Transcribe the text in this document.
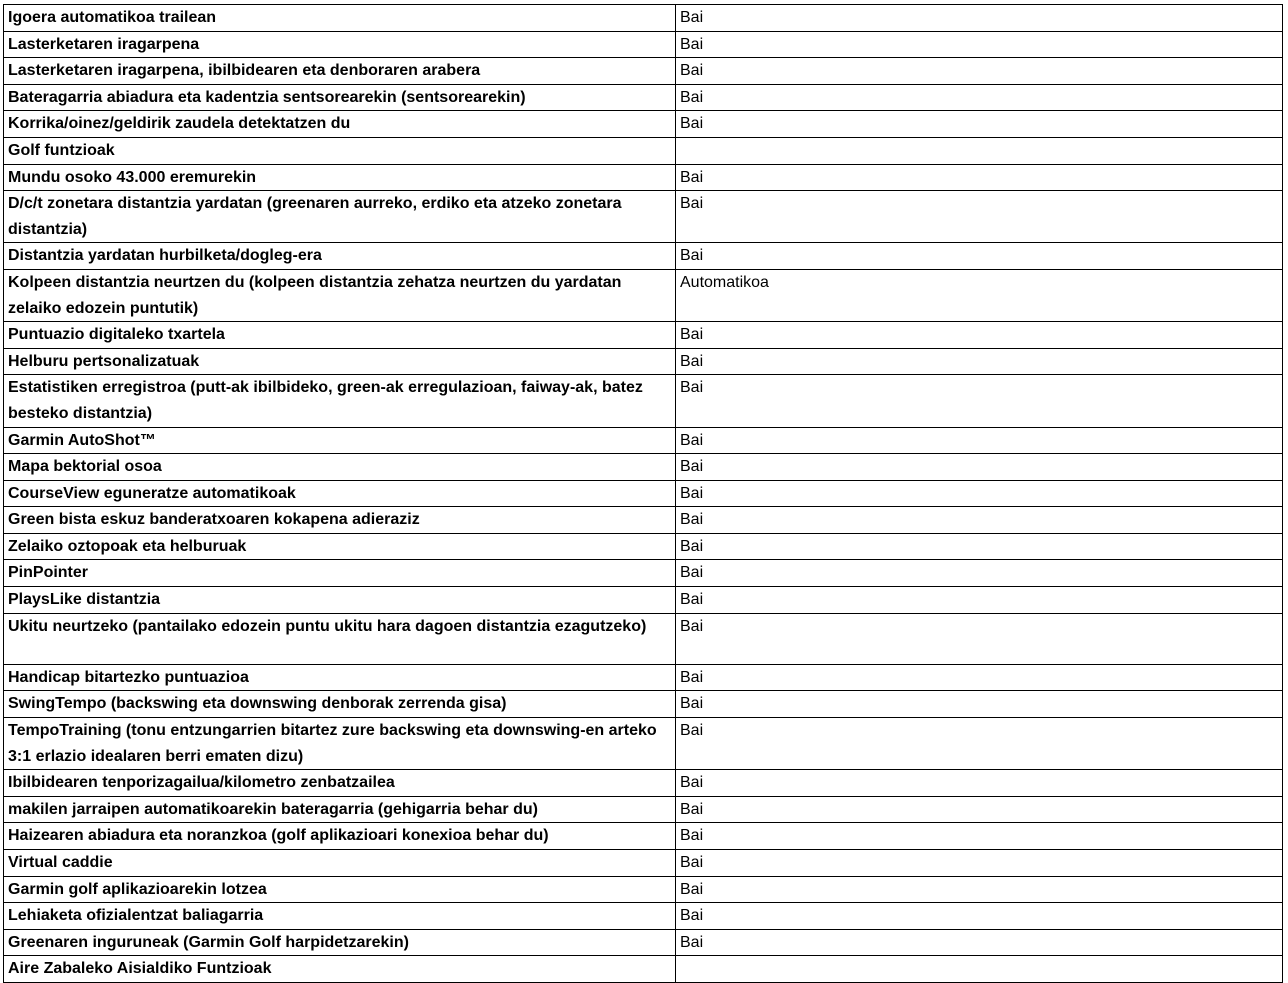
Igoera automatikoa trailean	Bai
Lasterketaren iragarpena	Bai
Lasterketaren iragarpena, ibilbidearen eta denboraren arabera	Bai
Bateragarria abiadura eta kadentzia sentsorearekin (sentsorearekin)	Bai
Korrika/oinez/geldirik zaudela detektatzen du	Bai
Golf funtzioak	
Mundu osoko 43.000 eremurekin	Bai
D/c/t zonetara distantzia yardatan (greenaren aurreko, erdiko eta atzeko zonetara distantzia)	Bai
Distantzia yardatan hurbilketa/dogleg-era	Bai
Kolpeen distantzia neurtzen du (kolpeen distantzia zehatza neurtzen du yardatan zelaiko edozein puntutik)	Automatikoa
Puntuazio digitaleko txartela	Bai
Helburu pertsonalizatuak	Bai
Estatistiken erregistroa (putt-ak ibilbideko, green-ak erregulazioan, faiway-ak, batez besteko distantzia)	Bai
Garmin AutoShot™	Bai
Mapa bektorial osoa	Bai
CourseView eguneratze automatikoak	Bai
Green bista eskuz banderatxoaren kokapena adieraziz	Bai
Zelaiko oztopoak eta helburuak	Bai
PinPointer	Bai
PlaysLike distantzia	Bai
Ukitu neurtzeko (pantailako edozein puntu ukitu hara dagoen distantzia ezagutzeko)	Bai
Handicap bitartezko puntuazioa	Bai
SwingTempo (backswing eta downswing denborak zerrenda gisa)	Bai
TempoTraining (tonu entzungarrien bitartez zure backswing eta downswing-en arteko 3:1 erlazio idealaren berri ematen dizu)	Bai
Ibilbidearen tenporizagailua/kilometro zenbatzailea	Bai
makilen jarraipen automatikoarekin bateragarria (gehigarria behar du)	Bai
Haizearen abiadura eta noranzkoa (golf aplikazioari konexioa behar du)	Bai
Virtual caddie	Bai
Garmin golf aplikazioarekin lotzea	Bai
Lehiaketa ofizialentzat baliagarria	Bai
Greenaren inguruneak (Garmin Golf harpidetzarekin)	Bai
Aire Zabaleko Aisialdiko Funtzioak	
